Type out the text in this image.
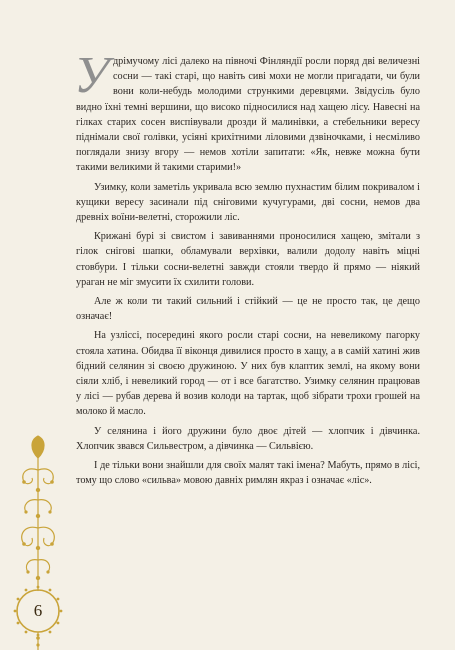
6

Удрімучому лісі далеко на півночі Фінляндії росли поряд дві величезні сосни — такі старі, що навіть сиві мохи не могли пригадати, чи були вони коли-небудь молодими стрункими деревцями. Звідусіль було видно їхні темні вершини, що високо підносилися над хащею лісу. Навесні на гілках старих сосен виспівували дрозди й малинівки, а стебельники вересу піднімали свої голівки, усіяні крихітними ліловими дзвіночками, і несміливо поглядали знизу вгору — немов хотіли запитати: «Як, невже можна бути такими великими й такими старими!»

Узимку, коли заметіль укривала всю землю пухнастим білим покривалом і кущики вересу засинали під сніговими кучугурами, дві сосни, немов два древніх воїни-велетні, сторожили ліс.

Крижані бурі зі свистом і завиваннями проносилися хащею, змітали з гілок снігові шапки, обламували верхівки, валили додолу навіть міцні стовбури. І тільки сосни-велетні завжди стояли твердо й прямо — ніякий ураган не міг змусити їх схилити голови.

Але ж коли ти такий сильний і стійкий — це не просто так, це дещо означає!

На узліссі, посередині якого росли старі сосни, на невеликому пагорку стояла хатина. Обидва її віконця дивилися просто в хащу, а в самій хатині жив бідний селянин зі своєю дружиною. У них був клаптик землі, на якому вони сіяли хліб, і невеликий город — от і все багатство. Узимку селянин працював у лісі — рубав дерева й возив колоди на тартак, щоб зібрати трохи грошей на молоко й масло.

У селянина і його дружини було двоє дітей — хлопчик і дівчинка. Хлопчик звався Сильвестром, а дівчинка — Сильвією.

І де тільки вони знайшли для своїх малят такі імена? Мабуть, прямо в лісі, тому що слово «сильва» мовою давніх римлян якраз і означає «ліс».
